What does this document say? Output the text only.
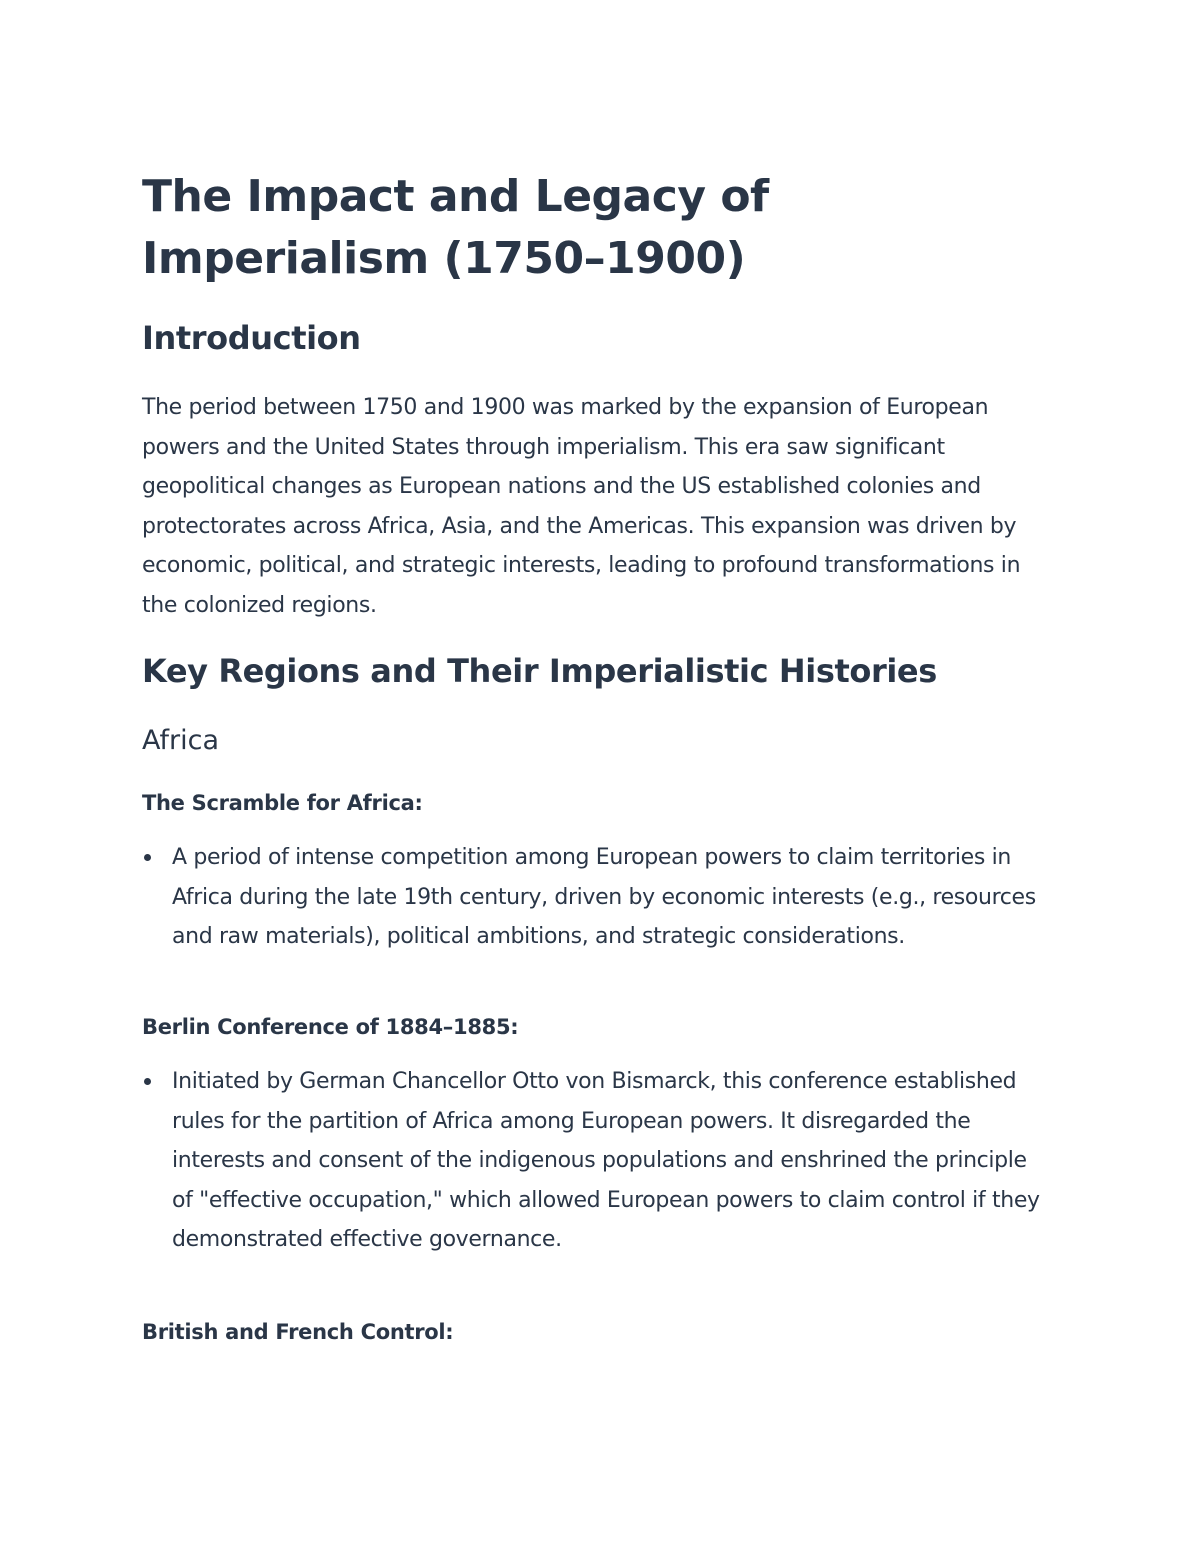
The Impact and Legacy of Imperialism (1750–1900)
Introduction

The period between 1750 and 1900 was marked by the expansion of European powers and the United States through imperialism. This era saw significant geopolitical changes as European nations and the US established colonies and protectorates across Africa, Asia, and the Americas. This expansion was driven by economic, political, and strategic interests, leading to profound transformations in the colonized regions.

Key Regions and Their Imperialistic Histories
Africa
The Scramble for Africa:
A period of intense competition among European powers to claim territories in Africa during the late 19th century, driven by economic interests (e.g., resources and raw materials), political ambitions, and strategic considerations.
Berlin Conference of 1884–1885:
Initiated by German Chancellor Otto von Bismarck, this conference established rules for the partition of Africa among European powers. It disregarded the interests and consent of the indigenous populations and enshrined the principle of "effective occupation," which allowed European powers to claim control if they demonstrated effective governance.
British and French Control:
